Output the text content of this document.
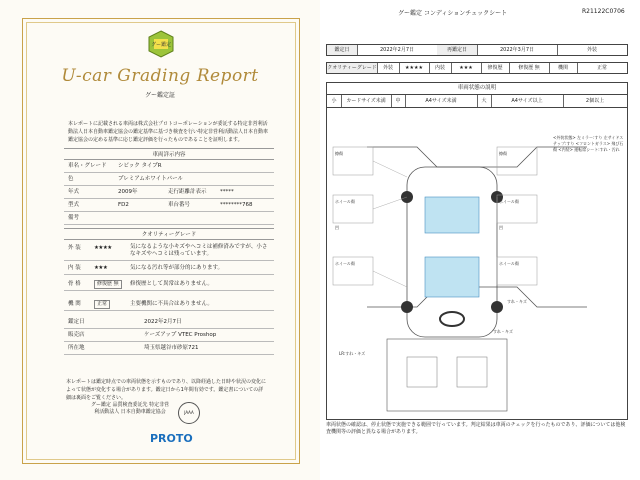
グー鑑定
U-car Grading Report
グー鑑定証
本レポートに記載される車両は株式会社プロトコーポレーションが委託する特定非営利活動法人日本自動車鑑定協会の鑑定基準に基づき検査を行い特定非営利活動法人日本自動車鑑定協会の定める基準に応じ鑑定評価を行ったものであることを証明します。
車両詳示内容
車名・グレード シビック タイプR
色	プレミアムホワイトパール
年式	2009年	走行距離計表示 *****
型式	FD2	車台番号	********768
備考
クオリティーグレード
外 装 ★★★★	気になるような小キズやヘコミは補修済みですが、小さなキズやヘコミは残っています。
内 装 ★★★	気になる汚れ等が部分的にあります。
骨 格	修復歴 無	修復歴として異常はありません。
機 関	正常	主要機関に不具合はありません。
鑑定日	2022年2月7日
販売店	ケーズアップ VTEC Proshop
所在地	埼玉県越谷市砂原721
本レポートは鑑定時点での車両状態を示すものであり、以降経過した日時や状況の変化によって状態が変化する場合があります。鑑定日から1年間有効です。鑑定書についての詳細は裏面をご覧ください。
グー鑑定 品質検査委託先 特定非営利活動法人 日本自動車鑑定協会	JAAA
PROTO
グー鑑定 コンディションチェックシート	R21122C0706
鑑定日	2022年2月7日	再鑑定日	2022年3月7日	外装
クオリティーグレード	外装	★★★★	内装	★★★	修復歴	修復歴 無	機関	正常
車両状態の説明
小	カードサイズ未満	中	A4サイズ未満	大	A4サイズ以上	2個以上
擦傷	擦傷
ホイール傷	ホイール傷
ホイール傷	ホイール傷
凹	凹
すれ・キズ
すれ・キズ
LR:すれ・キズ
<外装状態> 左ミラー:すり 左サイドステップ:すり <フロントガラス> 飛び石傷 <内装> 運転席シート:すれ・汚れ
車両状態の確認は、停止状態で実施できる範囲で行っています。判定結果は車両のチェックを行ったものであり、評価については他検査機関等の評価と異なる場合があります。
